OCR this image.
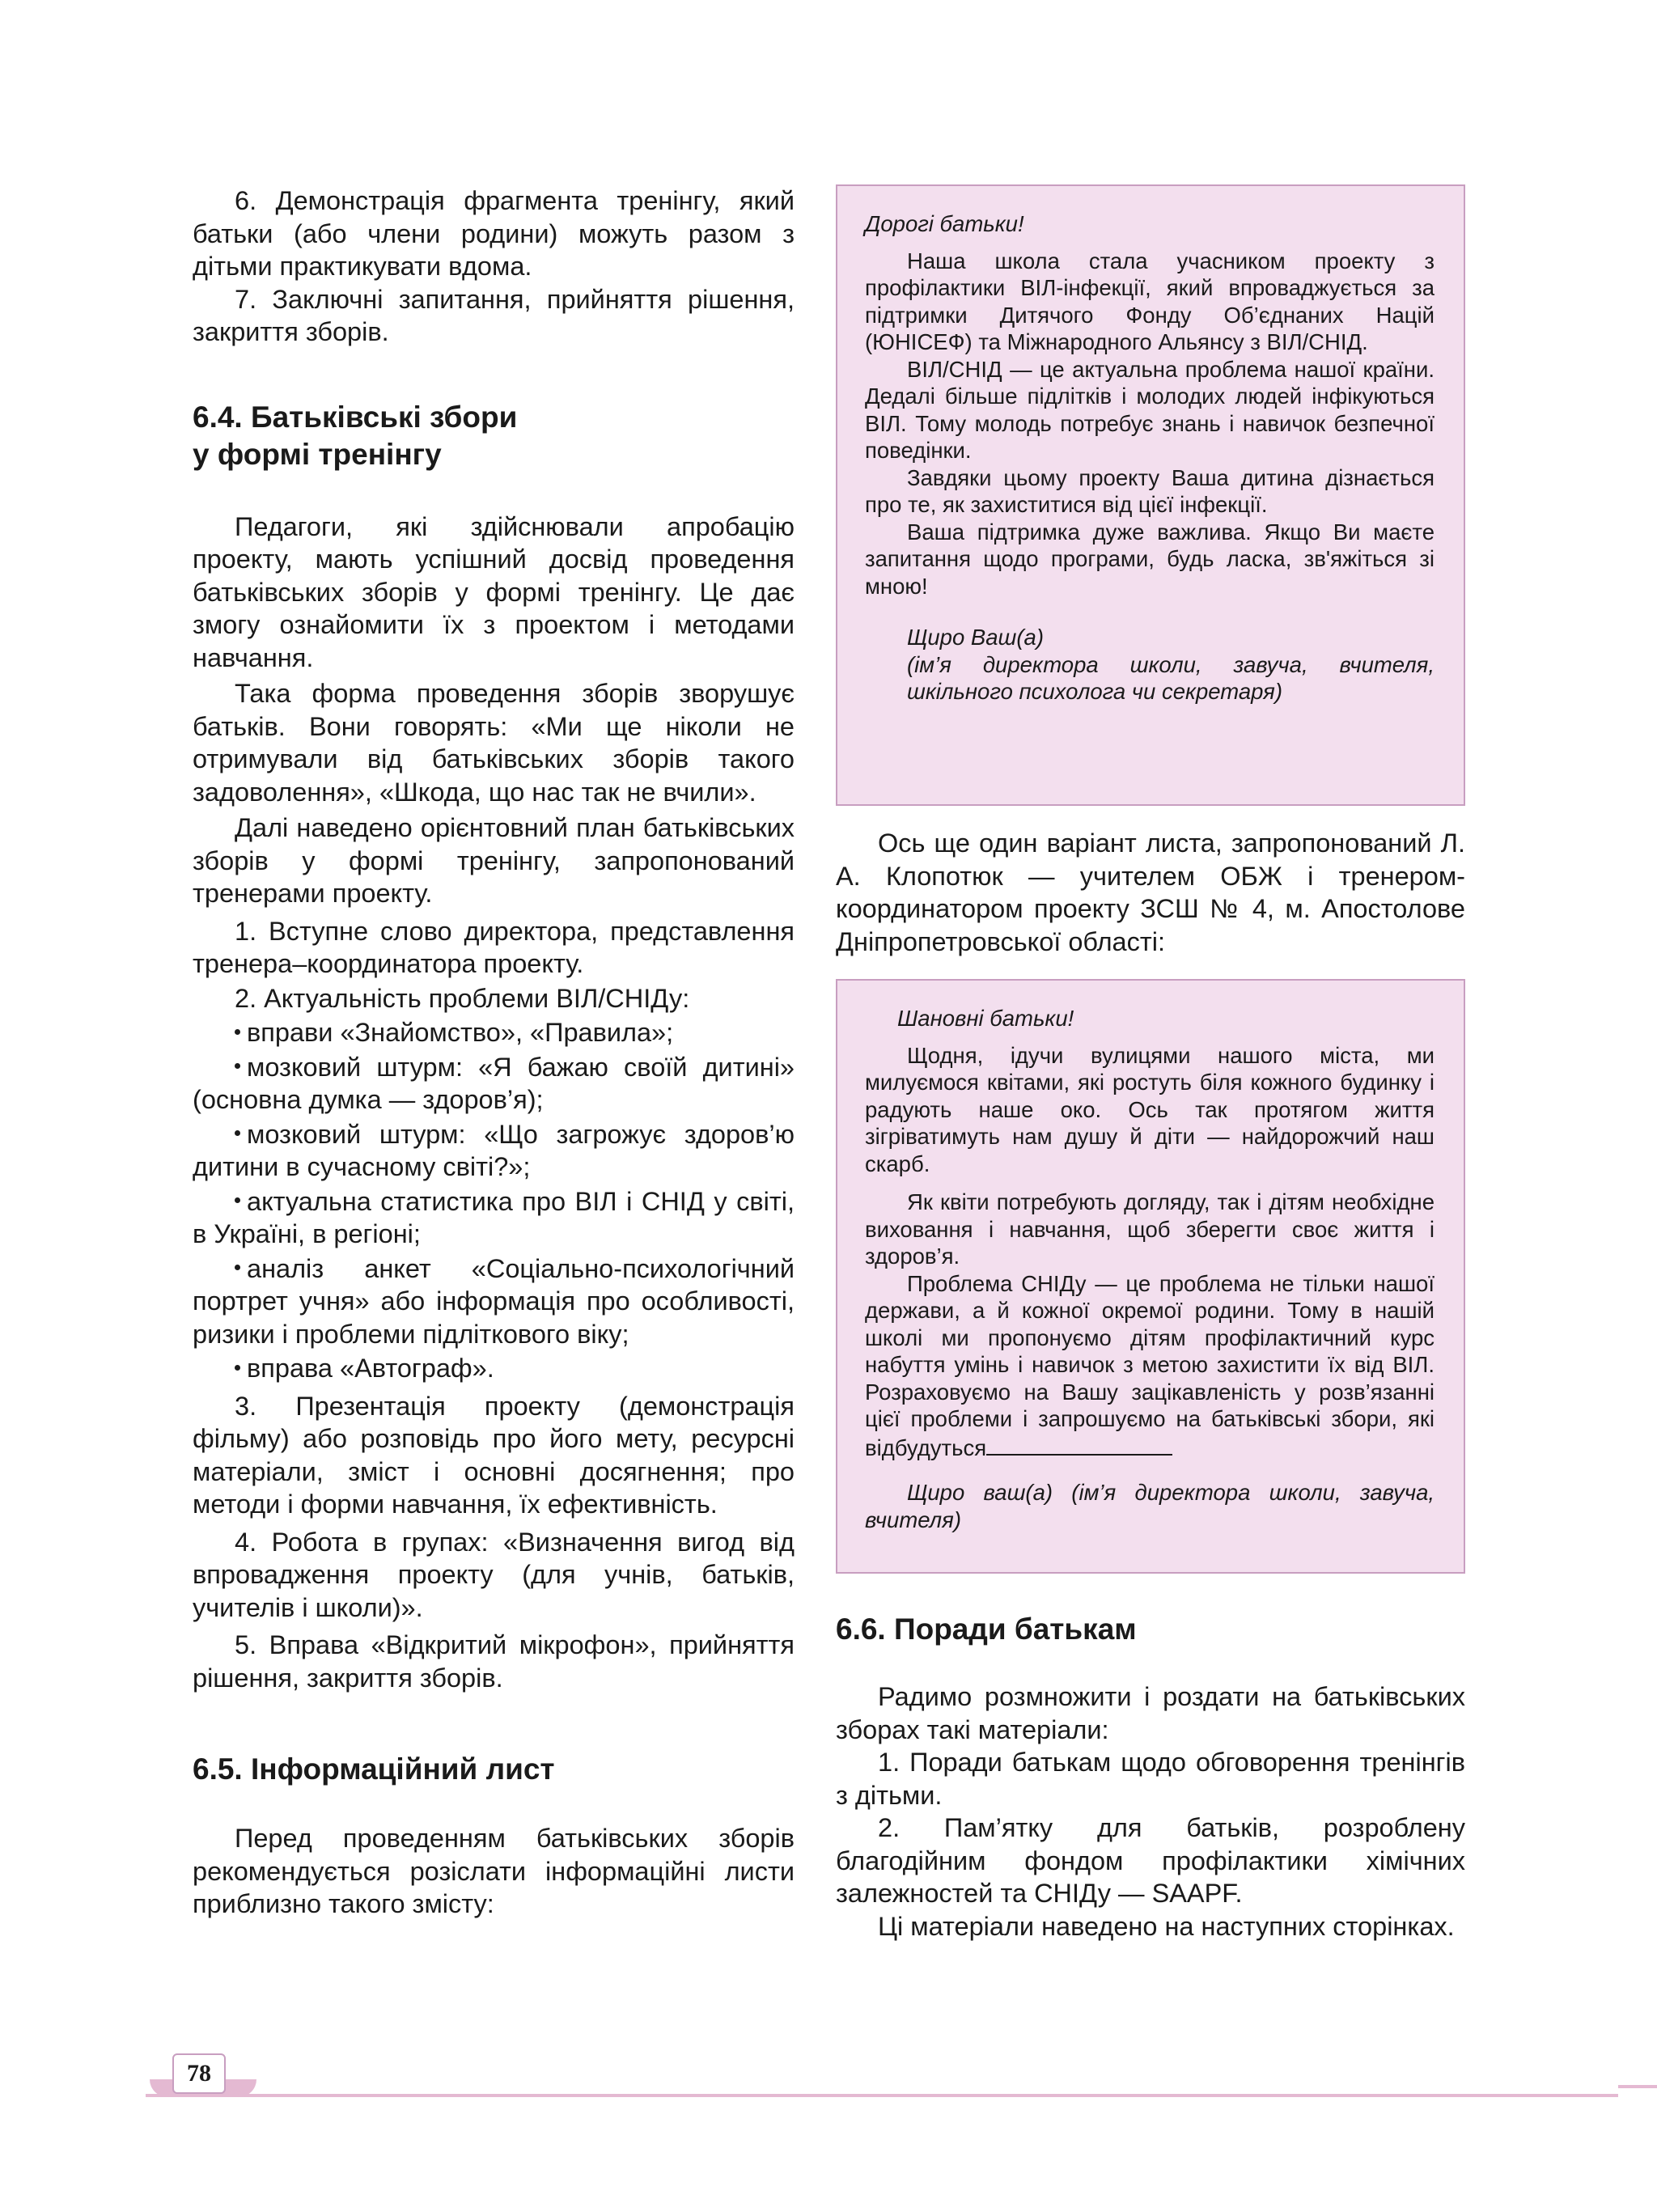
6. Демонстрація фрагмента тренінгу, який батьки (або члени родини) можуть разом з дітьми практикувати вдома.

7. Заключні запитання, прийняття рішення, закриття зборів.

6.4. Батьківські збори
у формі тренінгу

Педагоги, які здійснювали апробацію проекту, мають успішний досвід проведення батьківських зборів у формі тренінгу. Це дає змогу ознайомити їх з проектом і методами навчання.

Така форма проведення зборів зворушує батьків. Вони говорять: «Ми ще ніколи не отримували від батьківських зборів такого задоволення», «Шкода, що нас так не вчили».

Далі наведено орієнтовний план батьківських зборів у формі тренінгу, запропонований тренерами проекту.

1. Вступне слово директора, представлення тренера–координатора проекту.

2. Актуальність проблеми ВІЛ/СНІДу:

вправи «Знайомство», «Правила»;

мозковий штурм: «Я бажаю своїй дитині» (основна думка — здоров’я);

мозковий штурм: «Що загрожує здоров’ю дитини в сучасному світі?»;

актуальна статистика про ВІЛ і СНІД у світі, в Україні, в регіоні;

аналіз анкет «Соціально-психологічний портрет учня» або інформація про особливості, ризики і проблеми підліткового віку;

вправа «Автограф».

3. Презентація проекту (демонстрація фільму) або розповідь про його мету, ресурсні матеріали, зміст і основні досягнення; про методи і форми навчання, їх ефективність.

4. Робота в групах: «Визначення вигод від впровадження проекту (для учнів, батьків, учителів і школи)».

5. Вправа «Відкритий мікрофон», прийняття рішення, закриття зборів.

6.5. Інформаційний лист

Перед проведенням батьківських зборів рекомендується розіслати інформаційні листи приблизно такого змісту:

Дорогі батьки!

Наша школа стала учасником проекту з профілактики ВІЛ-інфекції, який впроваджується за підтримки Дитячого Фонду Об’єднаних Націй (ЮНІСЕФ) та Міжнародного Альянсу з ВІЛ/СНІД.

ВІЛ/СНІД — це актуальна проблема нашої країни. Дедалі більше підлітків і молодих людей інфікуються ВІЛ. Тому молодь потребує знань і навичок безпечної поведінки.

Завдяки цьому проекту Ваша дитина дізнається про те, як захиститися від цієї інфекції.

Ваша підтримка дуже важлива. Якщо Ви маєте запитання щодо програми, будь ласка, зв'яжіться зі мною!

Щиро Ваш(а)

(ім’я директора школи, завуча, вчителя, шкільного психолога чи секретаря)

Ось ще один варіант листа, запропонований Л. А. Клопотюк — учителем ОБЖ і тренером-координатором проекту ЗСШ № 4, м. Апостолове Дніпропетровської області:

Шановні батьки!

Щодня, ідучи вулицями нашого міста, ми милуємося квітами, які ростуть біля кожного будинку і радують наше око. Ось так протягом життя зігріватимуть нам душу й діти — найдорожчий наш скарб.

Як квіти потребують догляду, так і дітям необхідне виховання і навчання, щоб зберегти своє життя і здоров’я.

Проблема СНІДу — це проблема не тільки нашої держави, а й кожної окремої родини. Тому в нашій школі ми пропонуємо дітям профілактичний курс набуття умінь і навичок з метою захистити їх від ВІЛ. Розраховуємо на Вашу зацікавленість у розв’язанні цієї проблеми і запрошуємо на батьківські збори, які відбудуться

Щиро ваш(а) (ім’я директора школи, завуча, вчителя)

6.6. Поради батькам

Радимо розмножити і роздати на батьківських зборах такі матеріали:

1. Поради батькам щодо обговорення тренінгів з дітьми.

2. Пам’ятку для батьків, розроблену благодійним фондом профілактики хімічних залежностей та СНІДу — SAAPF.

Ці матеріали наведено на наступних сторінках.

78
